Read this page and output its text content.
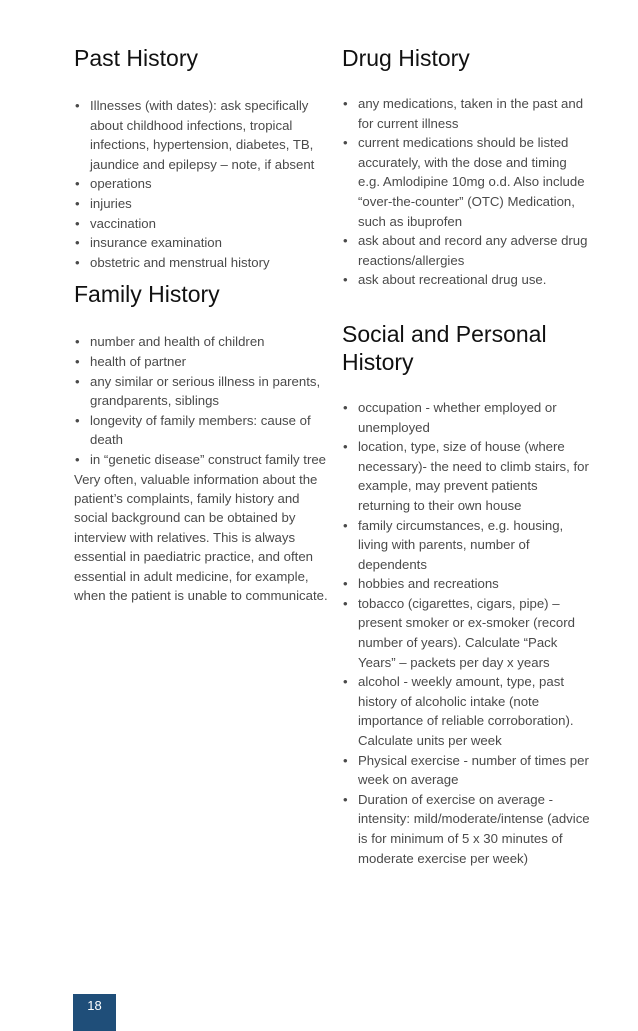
Past History
• Illnesses (with dates): ask specifically about childhood infections, tropical infections, hypertension, diabetes, TB, jaundice and epilepsy – note, if absent
• operations
• injuries
• vaccination
• insurance examination
• obstetric and menstrual history
Family History
• number and health of children
• health of partner
• any similar or serious illness in parents, grandparents, siblings
• longevity of family members: cause of death
• in “genetic disease” construct family tree

Very often, valuable information about the patient’s complaints, family history and social background can be obtained by interview with relatives. This is always essential in paediatric practice, and often essential in adult medicine, for example, when the patient is unable to communicate.

Drug History
• any medications, taken in the past and for current illness
• current medications should be listed accurately, with the dose and timing e.g. Amlodipine 10mg o.d. Also include “over-the-counter” (OTC) Medication, such as ibuprofen
• ask about and record any adverse drug reactions/allergies
• ask about recreational drug use.
Social and Personal History
• occupation - whether employed or unemployed
• location, type, size of house (where necessary)- the need to climb stairs, for example, may prevent patients returning to their own house
• family circumstances, e.g. housing, living with parents, number of dependents
• hobbies and recreations
• tobacco (cigarettes, cigars, pipe) – present smoker or ex-smoker (record number of years). Calculate “Pack Years” – packets per day x years
• alcohol - weekly amount, type, past history of alcoholic intake (note importance of reliable corroboration). Calculate units per week
• Physical exercise - number of times per week on average
• Duration of exercise on average - intensity: mild/moderate/intense (advice is for minimum of 5 x 30 minutes of moderate exercise per week)
18
